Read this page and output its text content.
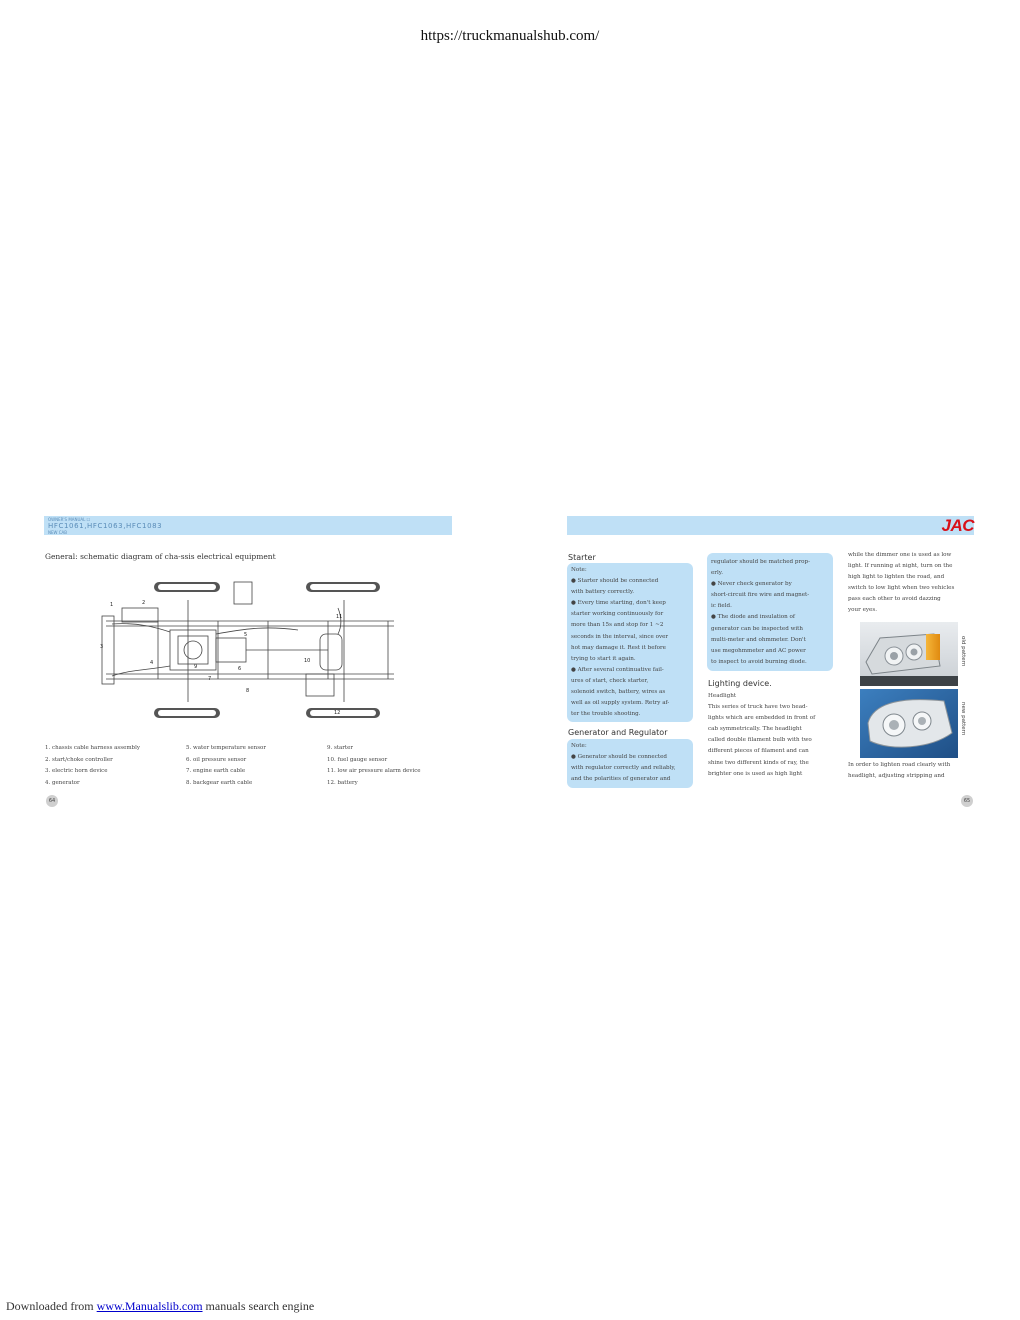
https://truckmanualshub.com/
OWNER'S MANUAL ☐
HFC1061,HFC1063,HFC1083
NEW CAB
General: schematic diagram of cha-ssis electrical equipment
1	2
3
4
5
6
7
8
9
10
11
12
1. chassis cable harness assembly	5. water temperature sensor	9. starter
2. start/choke controller	6. oil pressure sensor	10. fuel gauge sensor
3. electric horn device	7. engine earth cable	11. low air pressure alarm device
4. generator	8. backgear earth cable	12. battery
64
JAC
Starter

Note:

● Starter should be connected

with battery correctly.

● Every time starting, don't keep

starter working continuously for

more than 15s and stop for 1 ~2

seconds in the interval, since over

hot may damage it. Rest it before

trying to start it again.

● After several continuative fail-

ures of start, check starter,

solenoid switch, battery, wires as

well as oil supply system. Retry af-

ter the trouble shooting.

Generator and Regulator

Note:

● Generator should be connected

with regulator correctly and reliably,

and the polarities of generator and

regulator should be matched prop-

erly.

● Never check generator by

short-circuit fire wire and magnet-

ic field.

● The diode and insulation of

generator can be inspected with

multi-meter and ohmmeter. Don't

use megohmmeter and AC power

to inspect to avoid burning diode.

Lighting device.

Headlight

This series of truck have two head-

lights which are embedded in front of

cab symmetrically. The headlight

called double filament bulb with two

different pieces of filament and can

shine two different kinds of ray, the

brighter one is used as high light

while the dimmer one is used as low

light. If running at night, turn on the

high light to lighten the road, and

switch to low light when two vehicles

pass each other to avoid dazzing

your eyes.

old pattern
new pattern

In order to lighten road clearly with

headlight, adjusting stripping and

65
Downloaded from www.Manualslib.com manuals search engine
